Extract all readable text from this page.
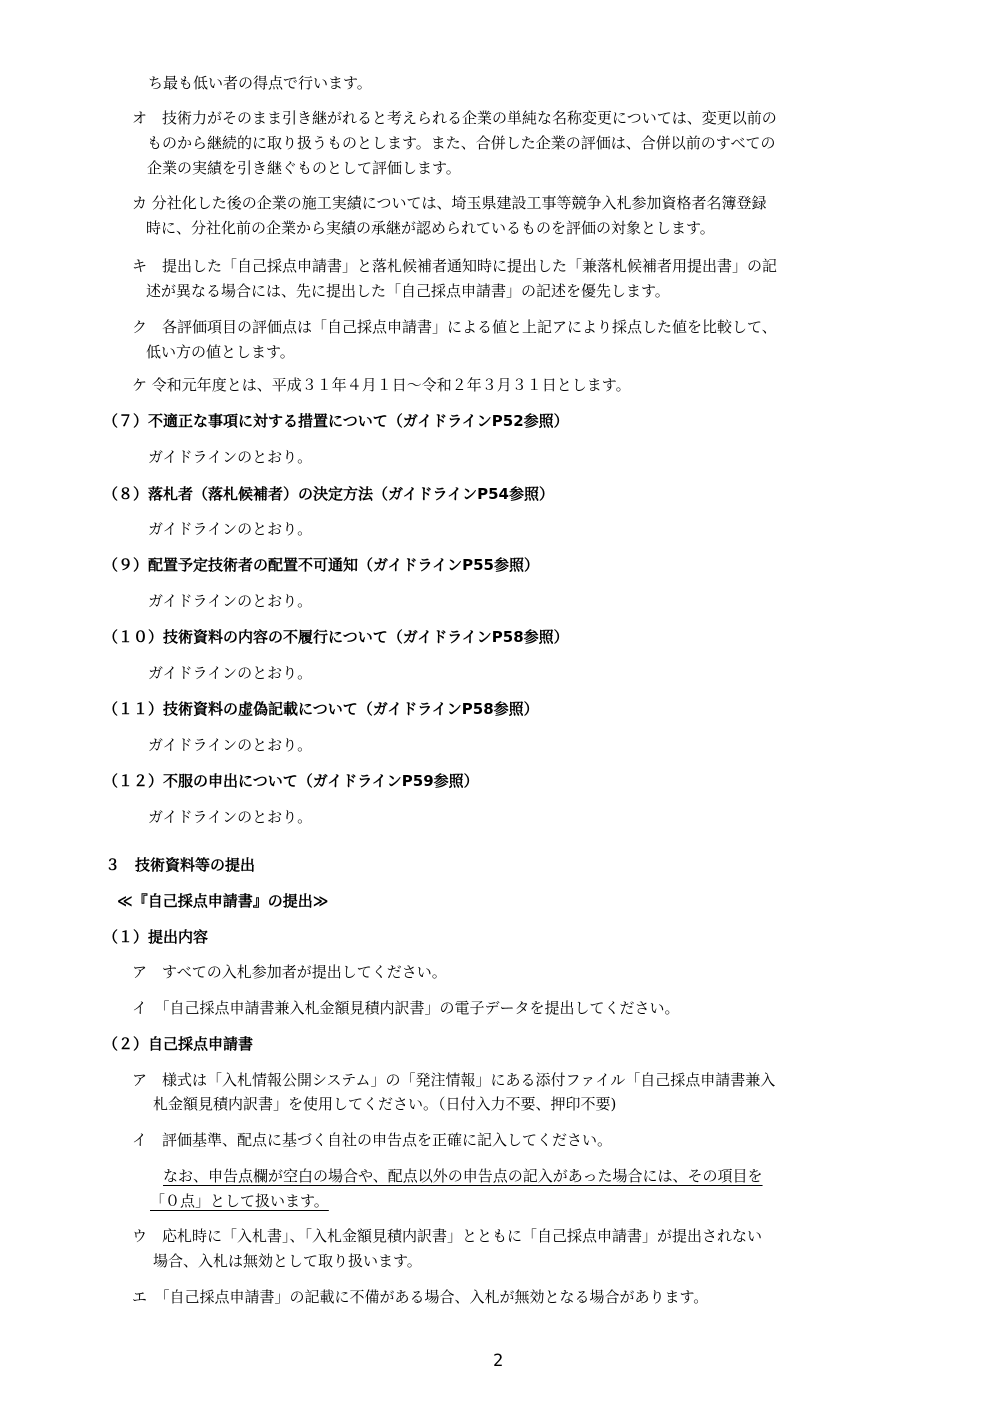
ち最も低い者の得点で行います。
オ　技術力がそのまま引き継がれると考えられる企業の単純な名称変更については、変更以前の
ものから継続的に取り扱うものとします。また、合併した企業の評価は、合併以前のすべての
企業の実績を引き継ぐものとして評価します。
カ 分社化した後の企業の施工実績については、埼玉県建設工事等競争入札参加資格者名簿登録
時に、分社化前の企業から実績の承継が認められているものを評価の対象とします。
キ　提出した「自己採点申請書」と落札候補者通知時に提出した「兼落札候補者用提出書」の記
述が異なる場合には、先に提出した「自己採点申請書」の記述を優先します。
ク　各評価項目の評価点は「自己採点申請書」による値と上記アにより採点した値を比較して、
低い方の値とします。
ケ 令和元年度とは、平成３１年４月１日～令和２年３月３１日とします。
（７）不適正な事項に対する措置について（ガイドラインP52参照）
ガイドラインのとおり。
（８）落札者（落札候補者）の決定方法（ガイドラインP54参照）
ガイドラインのとおり。
（９）配置予定技術者の配置不可通知（ガイドラインP55参照）
ガイドラインのとおり。
（１０）技術資料の内容の不履行について（ガイドラインP58参照）
ガイドラインのとおり。
（１１）技術資料の虚偽記載について（ガイドラインP58参照）
ガイドラインのとおり。
（１２）不服の申出について（ガイドラインP59参照）
ガイドラインのとおり。
３　技術資料等の提出
≪『自己採点申請書』の提出≫
（１）提出内容
ア　すべての入札参加者が提出してください。
イ　「自己採点申請書兼入札金額見積内訳書」の電子データを提出してください。
（２）自己採点申請書
ア　様式は「入札情報公開システム」の「発注情報」にある添付ファイル「自己採点申請書兼入
札金額見積内訳書」を使用してください。（日付入力不要、押印不要)
イ　評価基準、配点に基づく自社の申告点を正確に記入してください。
なお、申告点欄が空白の場合や、配点以外の申告点の記入があった場合には、その項目を
「０点」として扱います。
ウ　応札時に「入札書」、「入札金額見積内訳書」とともに「自己採点申請書」が提出されない
場合、入札は無効として取り扱います。
エ　「自己採点申請書」の記載に不備がある場合、入札が無効となる場合があります。
2
